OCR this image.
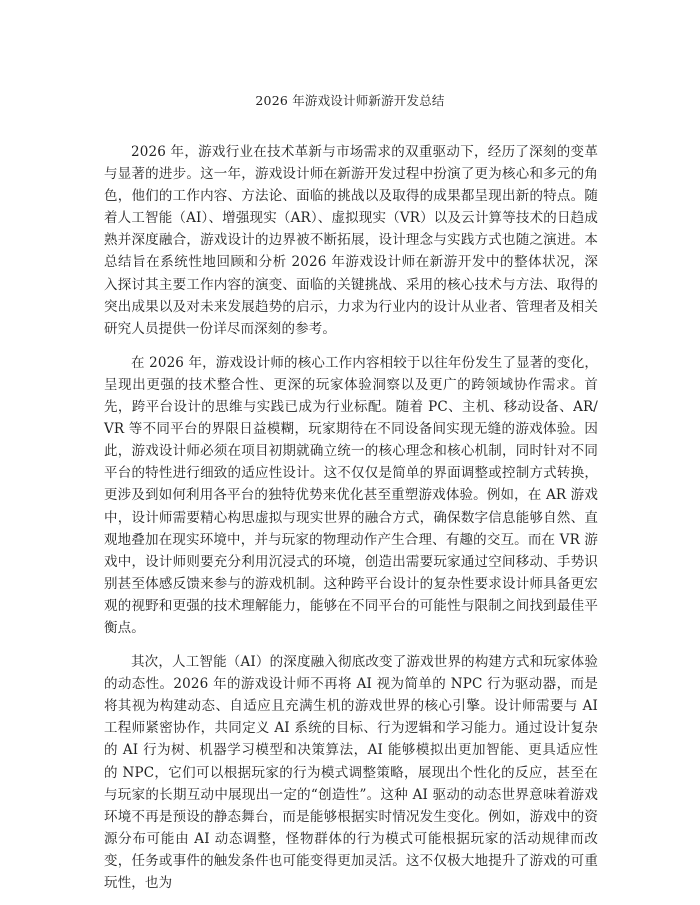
2026 年游戏设计师新游开发总结

2026 年，游戏行业在技术革新与市场需求的双重驱动下，经历了深刻的变革与显著的进步。这一年，游戏设计师在新游开发过程中扮演了更为核心和多元的角色，他们的工作内容、方法论、面临的挑战以及取得的成果都呈现出新的特点。随着人工智能（AI）、增强现实（AR）、虚拟现实（VR）以及云计算等技术的日趋成熟并深度融合，游戏设计的边界被不断拓展，设计理念与实践方式也随之演进。本总结旨在系统性地回顾和分析 2026 年游戏设计师在新游开发中的整体状况，深入探讨其主要工作内容的演变、面临的关键挑战、采用的核心技术与方法、取得的突出成果以及对未来发展趋势的启示，力求为行业内的设计从业者、管理者及相关研究人员提供一份详尽而深刻的参考。

在 2026 年，游戏设计师的核心工作内容相较于以往年份发生了显著的变化，呈现出更强的技术整合性、更深的玩家体验洞察以及更广的跨领域协作需求。首先，跨平台设计的思维与实践已成为行业标配。随着 PC、主机、移动设备、AR/VR 等不同平台的界限日益模糊，玩家期待在不同设备间实现无缝的游戏体验。因此，游戏设计师必须在项目初期就确立统一的核心理念和核心机制，同时针对不同平台的特性进行细致的适应性设计。这不仅仅是简单的界面调整或控制方式转换，更涉及到如何利用各平台的独特优势来优化甚至重塑游戏体验。例如，在 AR 游戏中，设计师需要精心构思虚拟与现实世界的融合方式，确保数字信息能够自然、直观地叠加在现实环境中，并与玩家的物理动作产生合理、有趣的交互。而在 VR 游戏中，设计师则要充分利用沉浸式的环境，创造出需要玩家通过空间移动、手势识别甚至体感反馈来参与的游戏机制。这种跨平台设计的复杂性要求设计师具备更宏观的视野和更强的技术理解能力，能够在不同平台的可能性与限制之间找到最佳平衡点。

其次，人工智能（AI）的深度融入彻底改变了游戏世界的构建方式和玩家体验的动态性。2026 年的游戏设计师不再将 AI 视为简单的 NPC 行为驱动器，而是将其视为构建动态、自适应且充满生机的游戏世界的核心引擎。设计师需要与 AI 工程师紧密协作，共同定义 AI 系统的目标、行为逻辑和学习能力。通过设计复杂的 AI 行为树、机器学习模型和决策算法，AI 能够模拟出更加智能、更具适应性的 NPC，它们可以根据玩家的行为模式调整策略，展现出个性化的反应，甚至在与玩家的长期互动中展现出一定的“创造性”。这种 AI 驱动的动态世界意味着游戏环境不再是预设的静态舞台，而是能够根据实时情况发生变化。例如，游戏中的资源分布可能由 AI 动态调整，怪物群体的行为模式可能根据玩家的活动规律而改变，任务或事件的触发条件也可能变得更加灵活。这不仅极大地提升了游戏的可重玩性，也为
